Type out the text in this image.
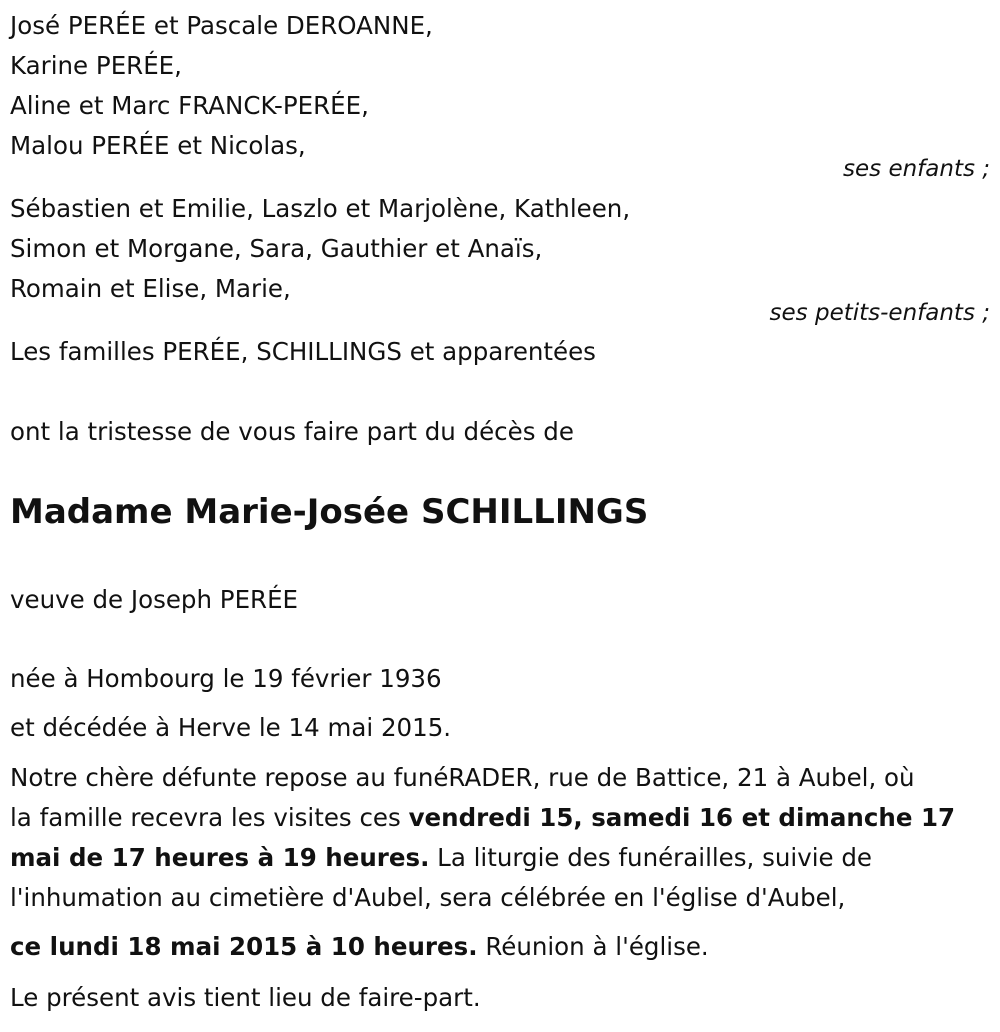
José PERÉE et Pascale DEROANNE,
Karine PERÉE,
Aline et Marc FRANCK-PERÉE,
Malou PERÉE et Nicolas,
ses enfants ;
Sébastien et Emilie, Laszlo et Marjolène, Kathleen,
Simon et Morgane, Sara, Gauthier et Anaïs,
Romain et Elise, Marie,
ses petits-enfants ;
Les familles PERÉE, SCHILLINGS et apparentées
ont la tristesse de vous faire part du décès de
Madame Marie-Josée SCHILLINGS
veuve de Joseph PERÉE
née à Hombourg le 19 février 1936
et décédée à Herve le 14 mai 2015.
Notre chère défunte repose au funéRADER, rue de Battice, 21 à Aubel, où
la famille recevra les visites ces vendredi 15, samedi 16 et dimanche 17
mai de 17 heures à 19 heures. La liturgie des funérailles, suivie de
l'inhumation au cimetière d'Aubel, sera célébrée en l'église d'Aubel,
ce lundi 18 mai 2015 à 10 heures. Réunion à l'église.
Le présent avis tient lieu de faire-part.
